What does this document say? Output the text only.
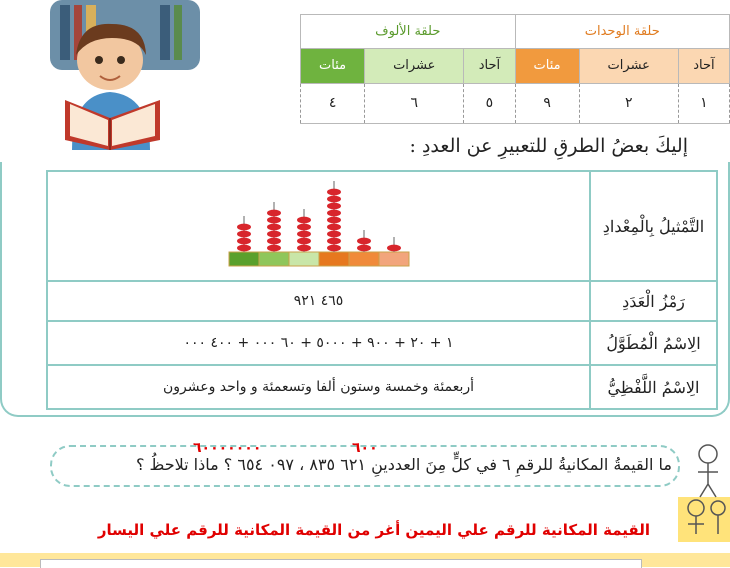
حلقة الوحدات			حلقة الألوف		
آحاد	عشرات	مئات	آحاد	عشرات	مئات
١	٢	٩	٥	٦	٤
إليكَ بعضُ الطرقِ للتعبيرِ عن العددِ :
التَّمْثيلُ بِالْمِعْدادِ	
رَمْزُ الْعَدَدِ	٤٦٥ ٩٢١
الِاسْمُ الْمُطَوَّلُ	١ + ٢٠ + ٩٠٠ + ٥٠٠٠ + ٦٠ ٠٠٠ + ٤٠٠ ٠٠٠
الِاسْمُ اللَّفْظِيُّ	أربعمئة وخمسة وستون ألفا وتسعمئة و واحد وعشرون
ما القيمةُ المكانيةُ للرقمِ ٦ في كلٍّ مِنَ العددينِ ٦٢١ ٨٣٥ ، ٠٩٧ ٦٥٤ ؟ ماذا تلاحظُ ؟
٦٠٠٠٠٠٠٠	٦٠٠
القيمة المكانية للرقم علي اليمين أغر من القيمة المكانية للرقم علي اليسار
